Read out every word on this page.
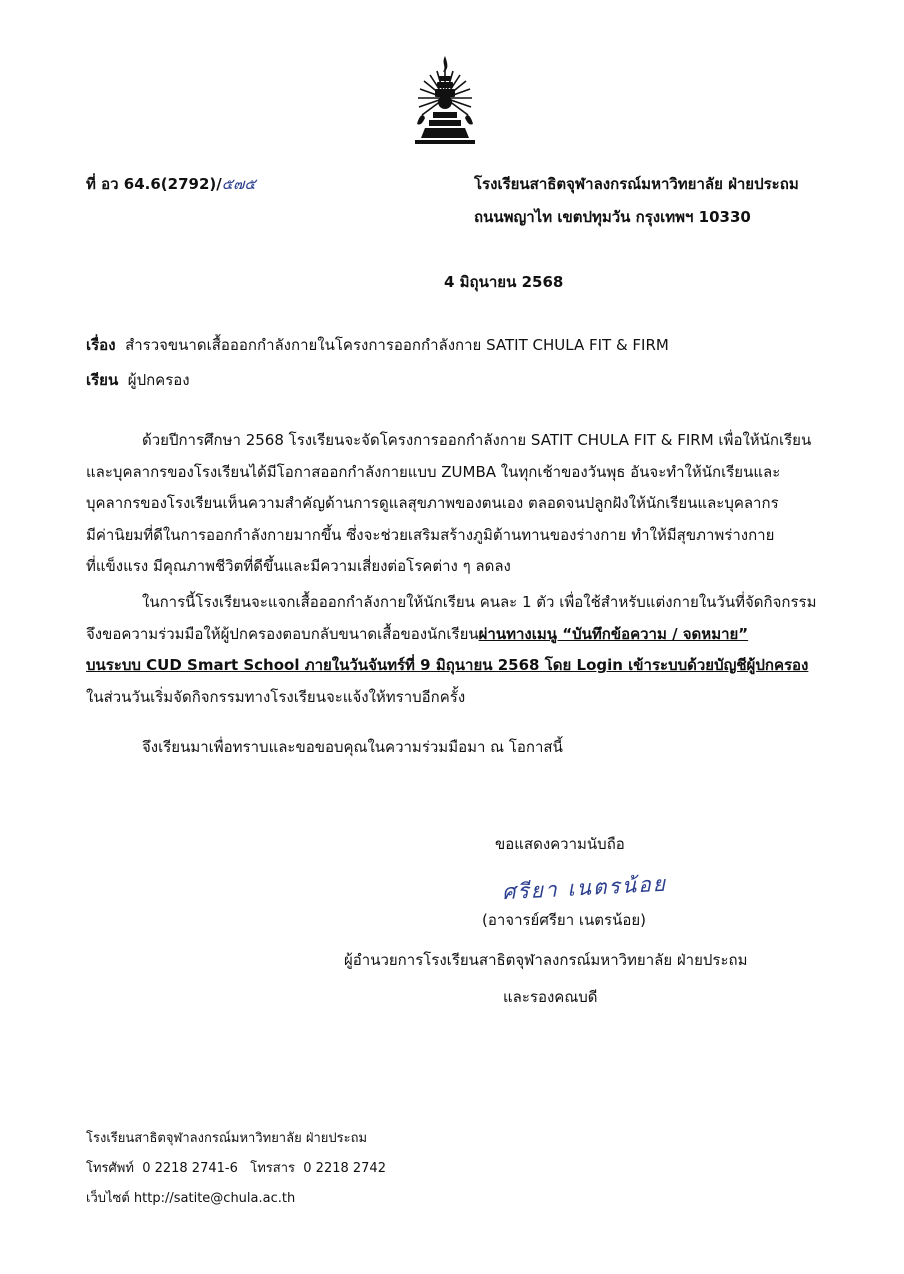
ที่ อว 64.6(2792)/๕๗๕	โรงเรียนสาธิตจุฬาลงกรณ์มหาวิทยาลัย ฝ่ายประถม
ถนนพญาไท เขตปทุมวัน กรุงเทพฯ 10330
4 มิถุนายน 2568
เรื่อง สำรวจขนาดเสื้อออกกำลังกายในโครงการออกกำลังกาย SATIT CHULA FIT & FIRM
เรียน ผู้ปกครอง
ด้วยปีการศึกษา 2568 โรงเรียนจะจัดโครงการออกกำลังกาย SATIT CHULA FIT & FIRM เพื่อให้นักเรียน
และบุคลากรของโรงเรียนได้มีโอกาสออกกำลังกายแบบ ZUMBA ในทุกเช้าของวันพุธ อันจะทำให้นักเรียนและ
บุคลากรของโรงเรียนเห็นความสำคัญด้านการดูแลสุขภาพของตนเอง ตลอดจนปลูกฝังให้นักเรียนและบุคลากร
มีค่านิยมที่ดีในการออกกำลังกายมากขึ้น ซึ่งจะช่วยเสริมสร้างภูมิต้านทานของร่างกาย ทำให้มีสุขภาพร่างกาย
ที่แข็งแรง มีคุณภาพชีวิตที่ดีขึ้นและมีความเสี่ยงต่อโรคต่าง ๆ ลดลง
ในการนี้โรงเรียนจะแจกเสื้อออกกำลังกายให้นักเรียน คนละ 1 ตัว เพื่อใช้สำหรับแต่งกายในวันที่จัดกิจกรรม
จึงขอความร่วมมือให้ผู้ปกครองตอบกลับขนาดเสื้อของนักเรียนผ่านทางเมนู “บันทึกข้อความ / จดหมาย”
บนระบบ CUD Smart School ภายในวันจันทร์ที่ 9 มิถุนายน 2568 โดย Login เข้าระบบด้วยบัญชีผู้ปกครอง
ในส่วนวันเริ่มจัดกิจกรรมทางโรงเรียนจะแจ้งให้ทราบอีกครั้ง
จึงเรียนมาเพื่อทราบและขอขอบคุณในความร่วมมือมา ณ โอกาสนี้
ขอแสดงความนับถือ
ศรียา เนตรน้อย
(อาจารย์ศรียา เนตรน้อย)
ผู้อำนวยการโรงเรียนสาธิตจุฬาลงกรณ์มหาวิทยาลัย ฝ่ายประถม
และรองคณบดี
โรงเรียนสาธิตจุฬาลงกรณ์มหาวิทยาลัย ฝ่ายประถม
โทรศัพท์  0 2218 2741-6   โทรสาร  0 2218 2742
เว็บไซต์ http://satite@chula.ac.th
